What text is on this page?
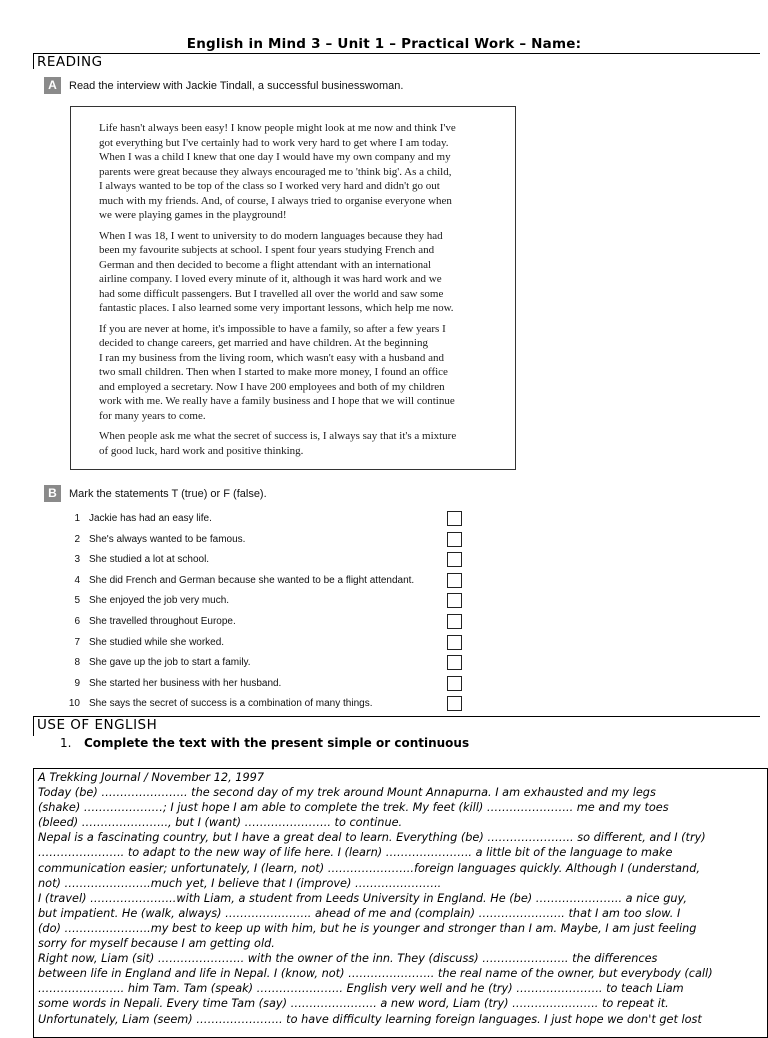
English in Mind 3 – Unit 1 – Practical Work – Name:
READING
A	Read the interview with Jackie Tindall, a successful businesswoman.

Life hasn't always been easy! I know people might look at me now and think I've
got everything but I've certainly had to work very hard to get where I am today.
When I was a child I knew that one day I would have my own company and my
parents were great because they always encouraged me to 'think big'. As a child,
I always wanted to be top of the class so I worked very hard and didn't go out
much with my friends. And, of course, I always tried to organise everyone when
we were playing games in the playground!

When I was 18, I went to university to do modern languages because they had
been my favourite subjects at school. I spent four years studying French and
German and then decided to become a flight attendant with an international
airline company. I loved every minute of it, although it was hard work and we
had some difficult passengers. But I travelled all over the world and saw some
fantastic places. I also learned some very important lessons, which help me now.

If you are never at home, it's impossible to have a family, so after a few years I
decided to change careers, get married and have children. At the beginning
I ran my business from the living room, which wasn't easy with a husband and
two small children. Then when I started to make more money, I found an office
and employed a secretary. Now I have 200 employees and both of my children
work with me. We really have a family business and I hope that we will continue
for many years to come.

When people ask me what the secret of success is, I always say that it's a mixture
of good luck, hard work and positive thinking.

B	Mark the statements T (true) or F (false).
1 Jackie has had an easy life.
2 She's always wanted to be famous.
3 She studied a lot at school.
4 She did French and German because she wanted to be a flight attendant.
5 She enjoyed the job very much.
6 She travelled throughout Europe.
7 She studied while she worked.
8 She gave up the job to start a family.
9 She started her business with her husband.
10 She says the secret of success is a combination of many things.
USE OF ENGLISH
1. Complete the text with the present simple or continuous
A Trekking Journal / November 12, 1997
Today (be) ………………….. the second day of my trek around Mount Annapurna. I am exhausted and my legs
(shake) …………………; I just hope I am able to complete the trek. My feet (kill) ………………….. me and my toes
(bleed) ………………….., but I (want) ………………….. to continue.
Nepal is a fascinating country, but I have a great deal to learn. Everything (be) ………………….. so different, and I (try)
………………….. to adapt to the new way of life here. I (learn) ………………….. a little bit of the language to make
communication easier; unfortunately, I (learn, not) …………………..foreign languages quickly. Although I (understand,
not) …………………..much yet, I believe that I (improve) …………………..
I (travel) …………………..with Liam, a student from Leeds University in England. He (be) ………………….. a nice guy,
but impatient. He (walk, always) ………………….. ahead of me and (complain) ………………….. that I am too slow. I
(do) …………………..my best to keep up with him, but he is younger and stronger than I am. Maybe, I am just feeling
sorry for myself because I am getting old.
Right now, Liam (sit) ………………….. with the owner of the inn. They (discuss) ………………….. the differences
between life in England and life in Nepal. I (know, not) ………………….. the real name of the owner, but everybody (call)
………………….. him Tam. Tam (speak) ………………….. English very well and he (try) ………………….. to teach Liam
some words in Nepali. Every time Tam (say) ………………….. a new word, Liam (try) ………………….. to repeat it.
Unfortunately, Liam (seem) ………………….. to have difficulty learning foreign languages. I just hope we don't get lost
